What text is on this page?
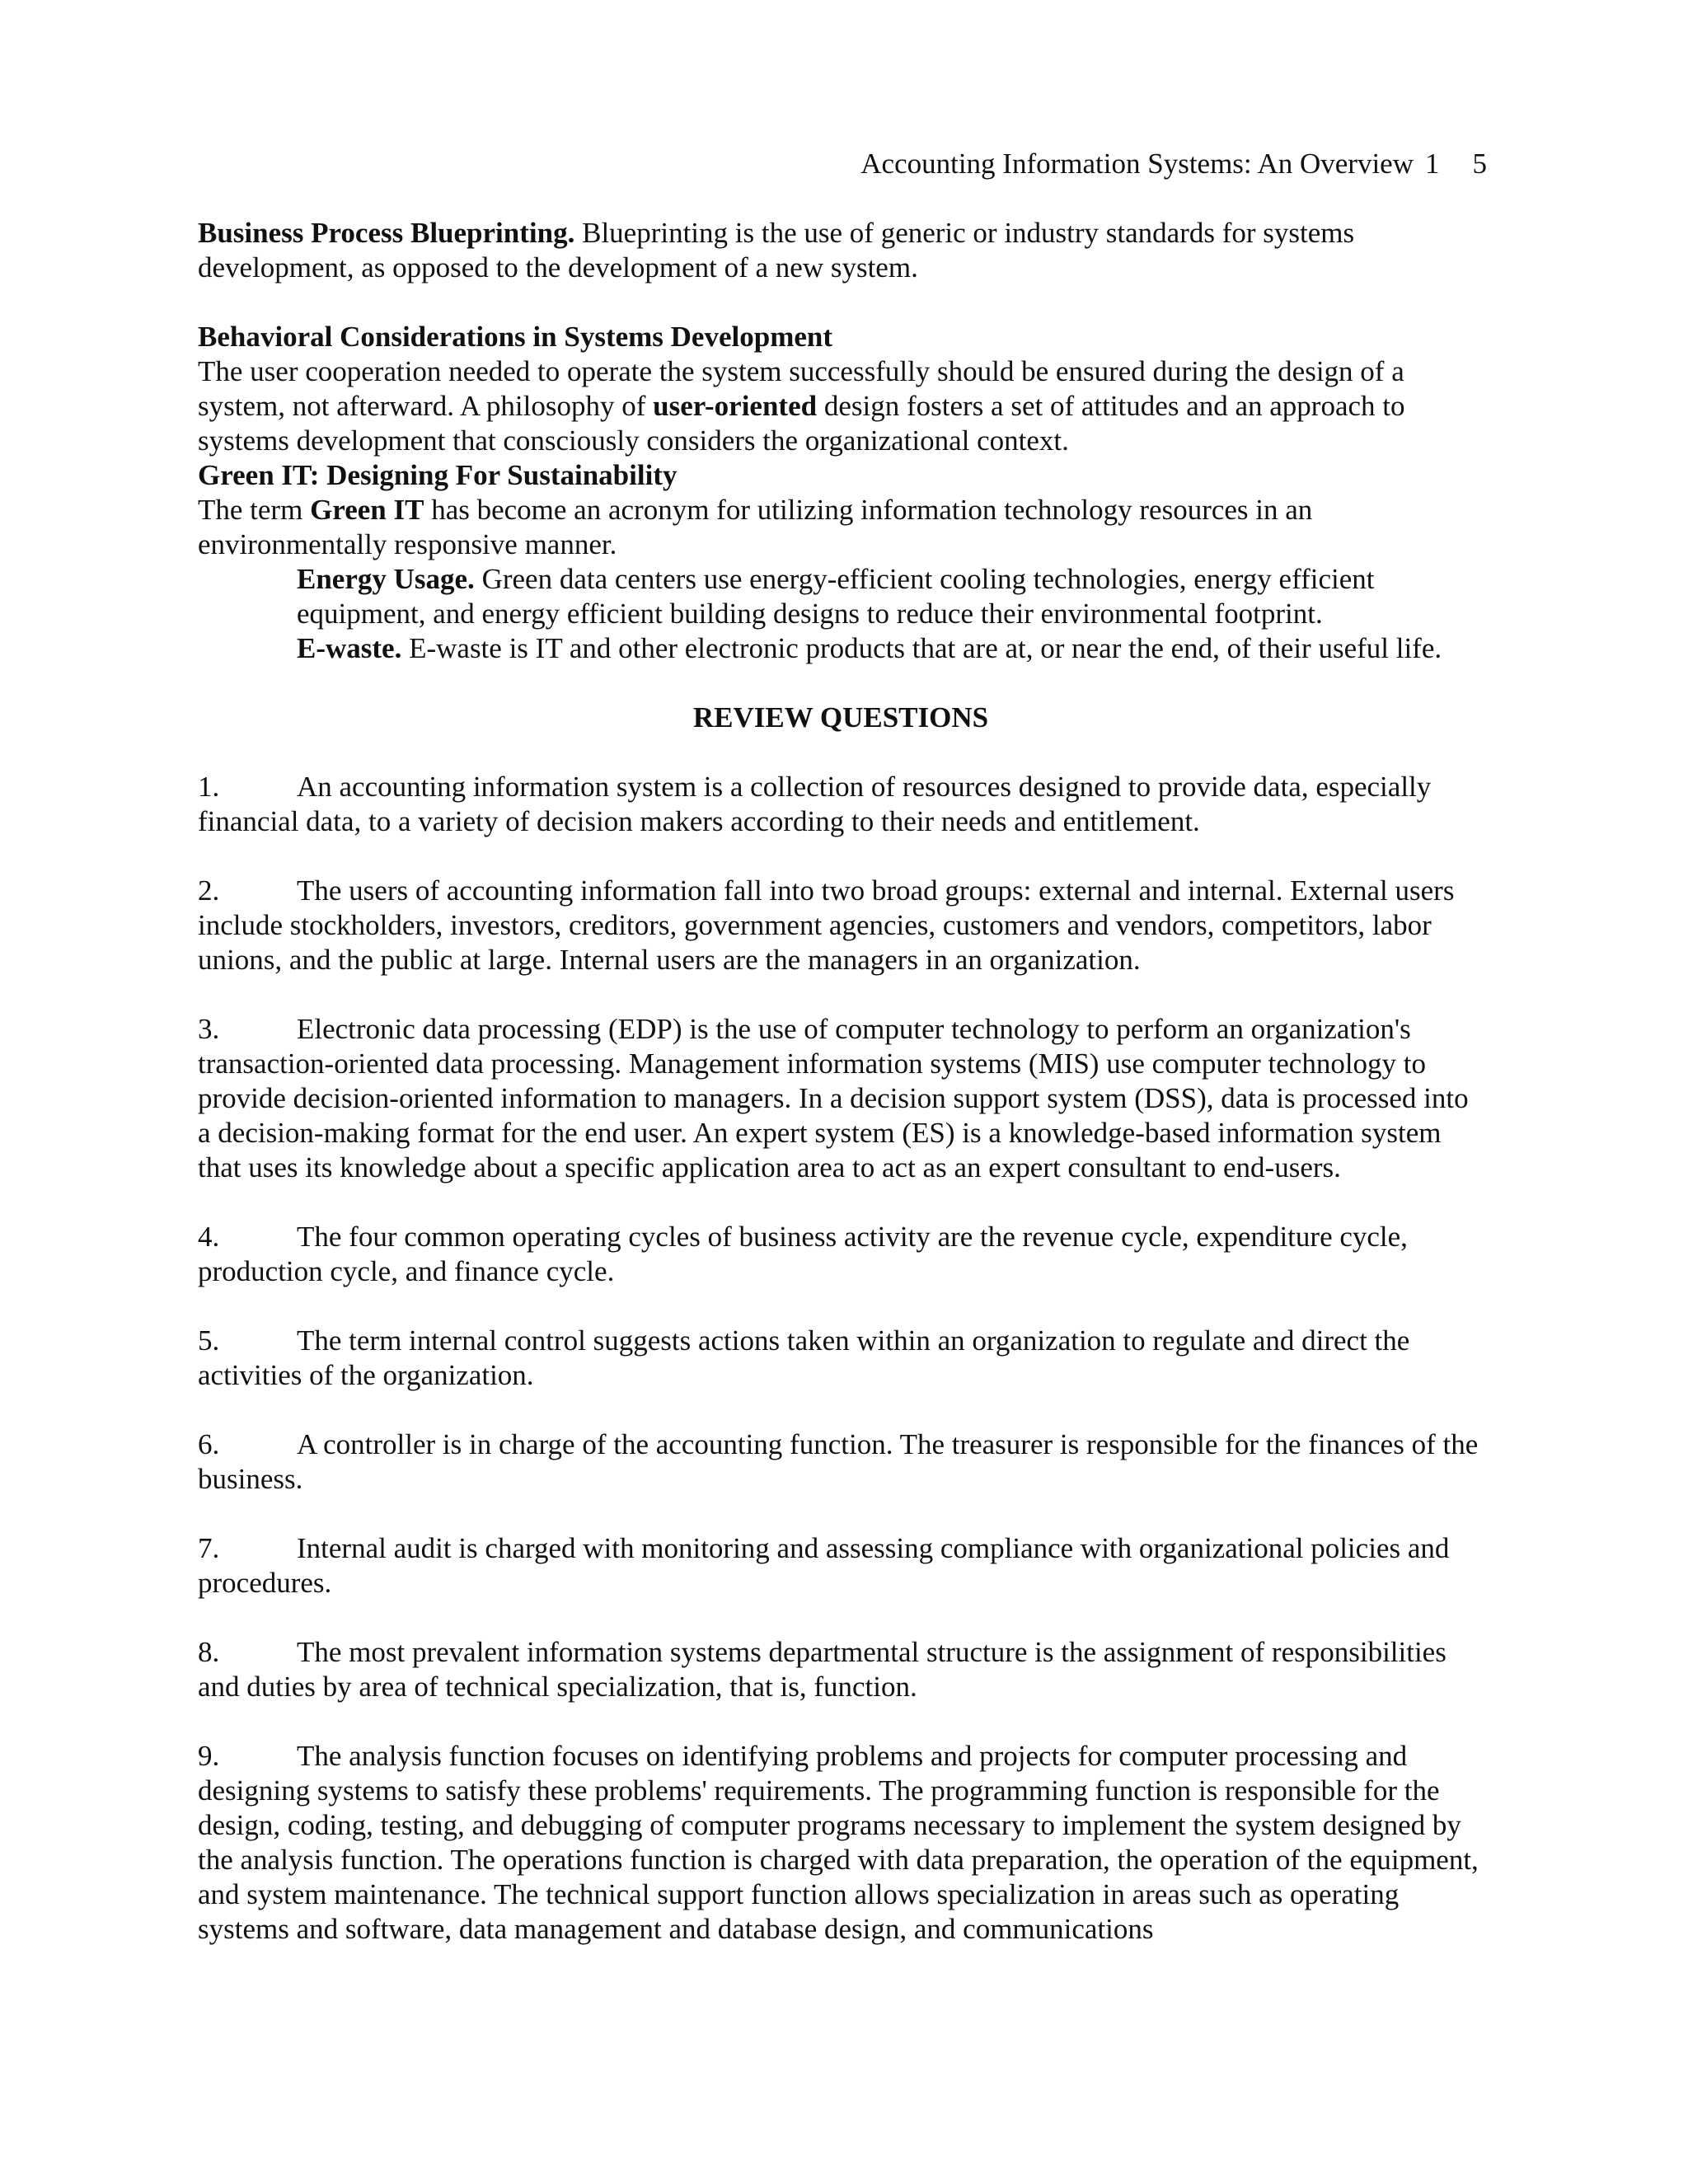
Accounting Information Systems: An Overview 1 5

Business Process Blueprinting. Blueprinting is the use of generic or industry standards for systems development, as opposed to the development of a new system.

Behavioral Considerations in Systems Development

The user cooperation needed to operate the system successfully should be ensured during the design of a system, not afterward. A philosophy of user-oriented design fosters a set of attitudes and an approach to systems development that consciously considers the organizational context.

Green IT: Designing For Sustainability

The term Green IT has become an acronym for utilizing information technology resources in an environmentally responsive manner.

Energy Usage. Green data centers use energy-efficient cooling technologies, energy efficient equipment, and energy efficient building designs to reduce their environmental footprint.

E-waste. E-waste is IT and other electronic products that are at, or near the end, of their useful life.

REVIEW QUESTIONS

1.	An accounting information system is a collection of resources designed to provide data, especially financial data, to a variety of decision makers according to their needs and entitlement.

2.	The users of accounting information fall into two broad groups: external and internal. External users include stockholders, investors, creditors, government agencies, customers and vendors, competitors, labor unions, and the public at large. Internal users are the managers in an organization.

3.	Electronic data processing (EDP) is the use of computer technology to perform an organization's transaction-oriented data processing. Management information systems (MIS) use computer technology to provide decision-oriented information to managers. In a decision support system (DSS), data is processed into a decision-making format for the end user. An expert system (ES) is a knowledge-based information system that uses its knowledge about a specific application area to act as an expert consultant to end-users.

4.	The four common operating cycles of business activity are the revenue cycle, expenditure cycle, production cycle, and finance cycle.

5.	The term internal control suggests actions taken within an organization to regulate and direct the activities of the organization.

6.	A controller is in charge of the accounting function. The treasurer is responsible for the finances of the business.

7.	Internal audit is charged with monitoring and assessing compliance with organizational policies and procedures.

8.	The most prevalent information systems departmental structure is the assignment of responsibilities and duties by area of technical specialization, that is, function.

9.	The analysis function focuses on identifying problems and projects for computer processing and designing systems to satisfy these problems' requirements. The programming function is responsible for the design, coding, testing, and debugging of computer programs necessary to implement the system designed by the analysis function. The operations function is charged with data preparation, the operation of the equipment, and system maintenance. The technical support function allows specialization in areas such as operating systems and software, data management and database design, and communications
